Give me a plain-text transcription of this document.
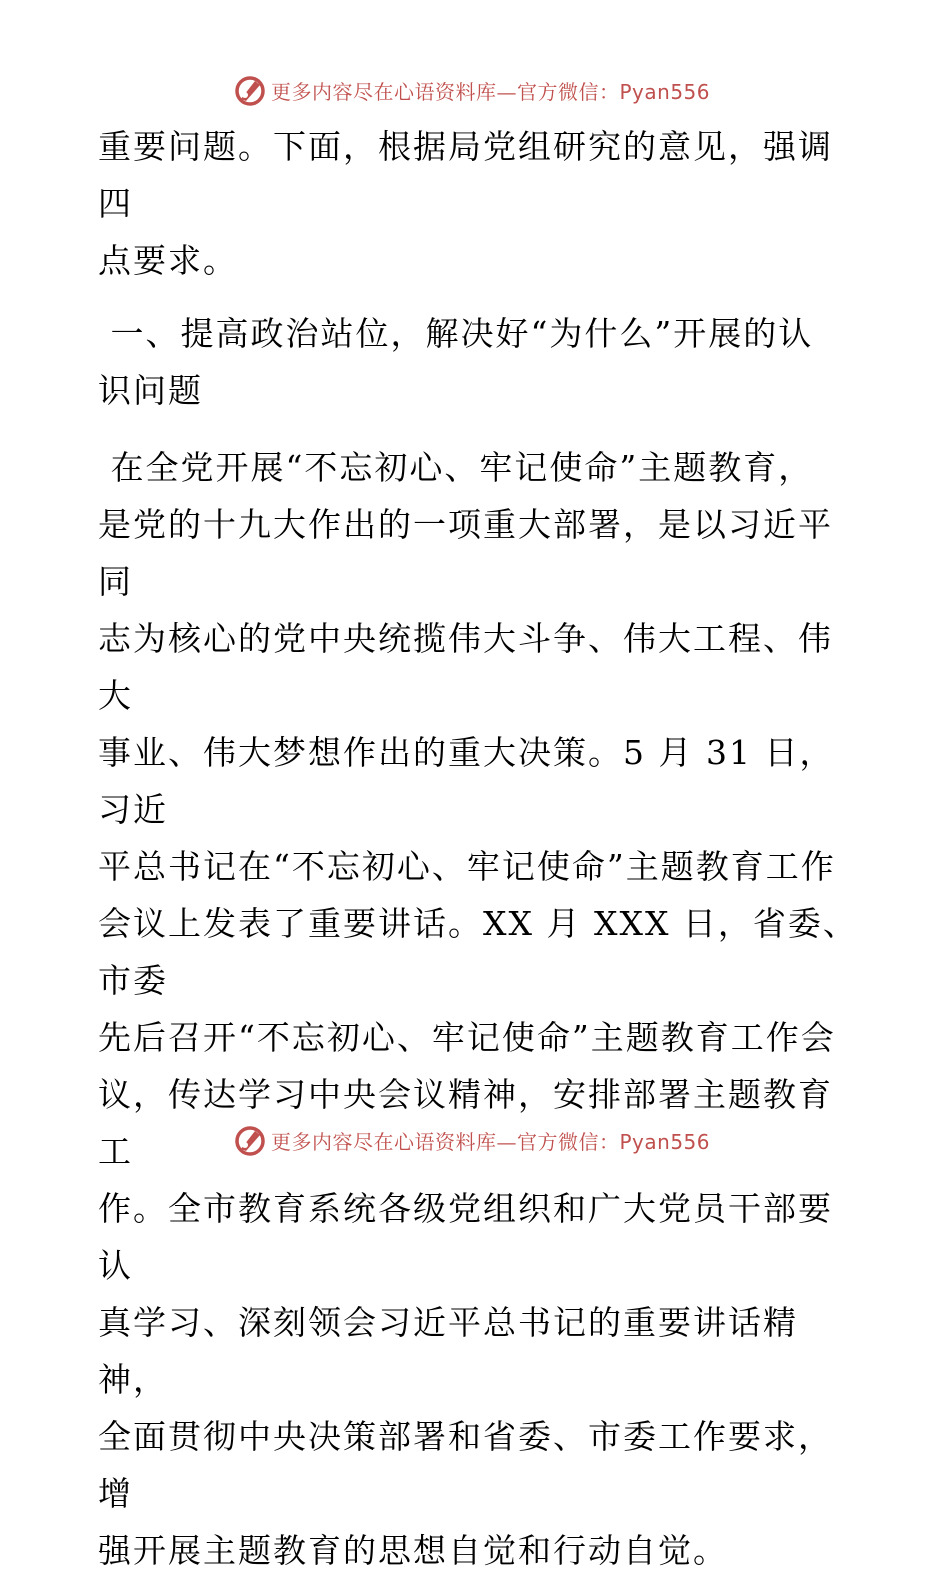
更多内容尽在心语资料库—官方微信：Pyan556

重要问题。下面，根据局党组研究的意见，强调四

点要求。

一、提高政治站位，解决好“为什么”开展的认

识问题

在全党开展“不忘初心、牢记使命”主题教育，

是党的十九大作出的一项重大部署，是以习近平同

志为核心的党中央统揽伟大斗争、伟大工程、伟大

事业、伟大梦想作出的重大决策。5 月 31 日，习近

平总书记在“不忘初心、牢记使命”主题教育工作

会议上发表了重要讲话。XX 月 XXX 日，省委、市委

先后召开“不忘初心、牢记使命”主题教育工作会

议，传达学习中央会议精神，安排部署主题教育工

作。全市教育系统各级党组织和广大党员干部要认

真学习、深刻领会习近平总书记的重要讲话精神，

全面贯彻中央决策部署和省委、市委工作要求，增

强开展主题教育的思想自觉和行动自觉。

更多内容尽在心语资料库—官方微信：Pyan556
